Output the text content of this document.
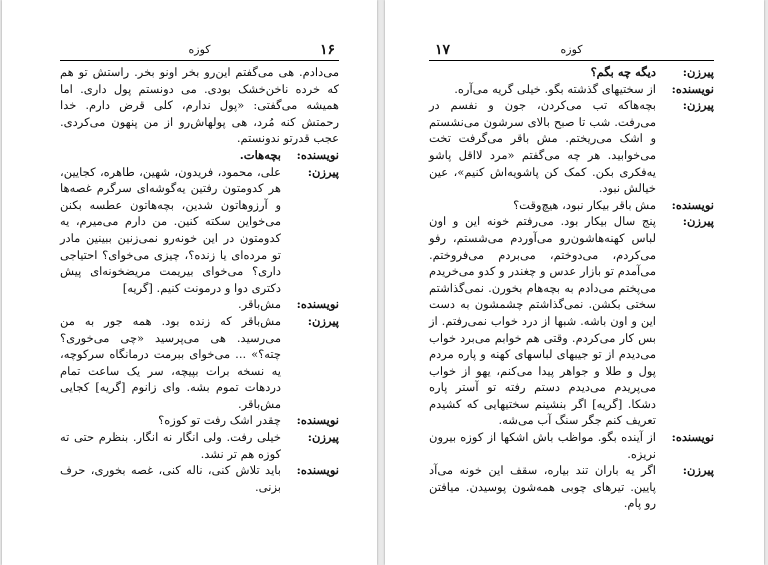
۱۶
کوزه
می‌دادم. هی می‌گفتم این‌رو بخر اونو بخر. راستش تو هم که خرده ناخن‌خشک بودی. می دونستم پول داری. اما همیشه می‌گفتی: «پول ندارم، کلی قرض دارم. خدا رحمتش کنه مُرد، هی پولهاش‌رو از من پنهون می‌کردی. عجب قدرتو ندونستم.
نویسنده:
بچه‌هات.
پیرزن:
علی، محمود، فریدون، شهین، طاهره، کجایین، هر کدومتون رفتین یه‌گوشه‌ای سرگرم غصه‌ها و آرزوهاتون شدین، بچه‌هاتون عطسه بکنن می‌خواین سکته کنین. من دارم می‌میرم، یه کدومتون در این خونه‌رو نمی‌زنین ببینین مادر تو مرده‌ای یا زنده؟، چیزی می‌خوای؟ احتیاجی داری؟ می‌خوای بیریمت مریضخونه‌ای پیش دکتری دوا و درمونت کنیم. [گریه]
نویسنده:
مش‌باقر.
پیرزن:
مش‌باقر که زنده بود. همه جور به من می‌رسید. هی می‌پرسید «چی می‌خوری؟ چته؟» ... می‌خوای ببرمت درمانگاه سرکوچه، یه نسخه برات بپیچه، سر یک ساعت تمام دردهات تموم بشه. وای زانوم [گریه] کجایی مش‌باقر.
نویسنده:
چقدر اشک رفت تو کوزه؟
پیرزن:
خیلی رفت. ولی انگار نه انگار. بنظرم حتی ته کوزه هم تر نشد.
نویسنده:
باید تلاش کنی، ناله کنی، غصه بخوری، حرف بزنی.
۱۷	کوزه
پیرزن:
دیگه چه بگم؟
نویسنده:
از سختیهای گذشته بگو. خیلی گریه می‌آره.
پیرزن:
بچه‌هاکه تب می‌کردن، جون و نفسم در می‌رفت. شب تا صبح بالای سرشون می‌نشستم و اشک می‌ریختم. مش باقر می‌گرفت تخت می‌خوابید. هر چه می‌گفتم «مرد لااقل پاشو یه‌فکری بکن. کمک کن پاشویه‌اش کنیم»، عین خیالش نبود.
نویسنده:
مش باقر بیکار نبود، هیچ‌وقت؟
پیرزن:
پنج سال بیکار بود. می‌رفتم خونه این و اون لباس کهنه‌هاشون‌رو می‌آوردم می‌شستم، رفو می‌کردم، می‌دوختم، می‌بردم می‌فروختم. می‌آمدم تو بازار عدس و چغندر و کدو می‌خریدم می‌پختم می‌دادم به بچه‌هام بخورن. نمی‌گذاشتم سختی بکشن. نمی‌گذاشتم چشمشون به دست این و اون باشه. شبها از درد خواب نمی‌رفتم. از بس کار می‌کردم. وقتی هم خوابم می‌برد خواب می‌دیدم از تو جیبهای لباسهای کهنه و پاره مردم پول و طلا و جواهر پیدا می‌کنم، یهو از خواب می‌پریدم می‌دیدم دستم رفته تو آستر پاره دشکا. [گریه] اگر بنشینم سختیهایی که کشیدم تعریف کنم جگر سنگ آب می‌شه.
نویسنده:
از آینده بگو. مواظب باش اشکها از کوزه بیرون نریزه.
پیرزن:
اگر یه باران تند بیاره، سقف این خونه می‌آد پایین. تیرهای چوبی همه‌شون پوسیدن. میافتن رو پام.
